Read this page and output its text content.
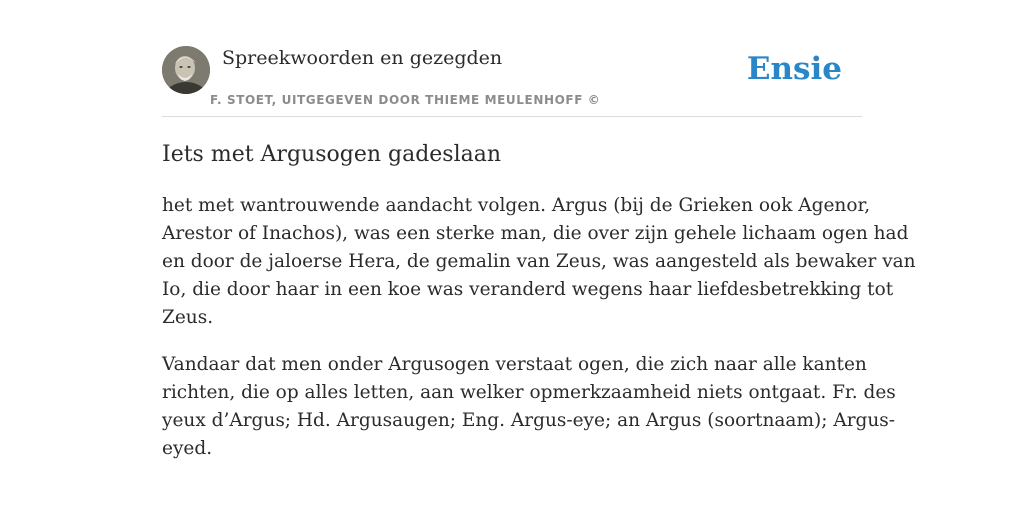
Spreekwoorden en gezegden
F. STOET, UITGEGEVEN DOOR THIEME MEULENHOFF ©
Ensie
Iets met Argusogen gadeslaan

het met wantrouwende aandacht volgen. Argus (bij de Grieken ook Agenor,
Arestor of Inachos), was een sterke man, die over zijn gehele lichaam ogen had
en door de jaloerse Hera, de gemalin van Zeus, was aangesteld als bewaker van
Io, die door haar in een koe was veranderd wegens haar liefdesbetrekking tot
Zeus.

Vandaar dat men onder Argusogen verstaat ogen, die zich naar alle kanten
richten, die op alles letten, aan welker opmerkzaamheid niets ontgaat. Fr. des
yeux d’Argus; Hd. Argusaugen; Eng. Argus-eye; an Argus (soortnaam); Argus-
eyed.
